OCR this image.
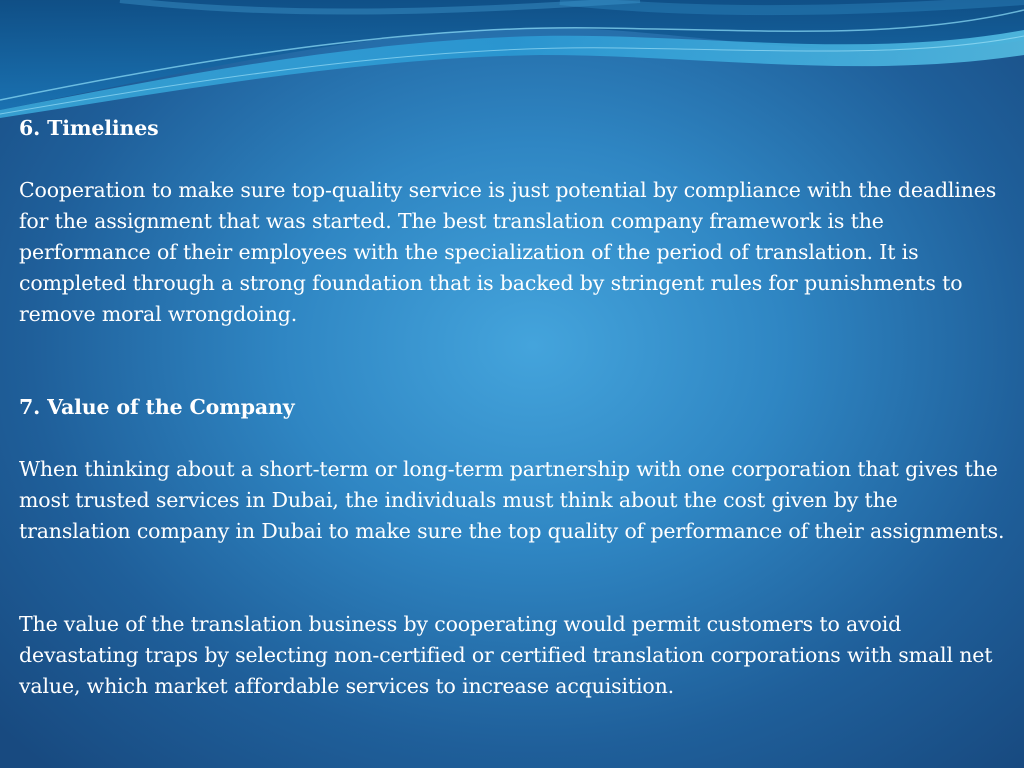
6. Timelines

Cooperation to make sure top-quality service is just potential by compliance with the deadlines for the assignment that was started. The best translation company framework is the performance of their employees with the specialization of the period of translation. It is completed through a strong foundation that is backed by stringent rules for punishments to remove moral wrongdoing.

7. Value of the Company

When thinking about a short-term or long-term partnership with one corporation that gives the most trusted services in Dubai, the individuals must think about the cost given by the translation company in Dubai to make sure the top quality of performance of their assignments.

The value of the translation business by cooperating would permit customers to avoid devastating traps by selecting non-certified or certified translation corporations with small net value, which market affordable services to increase acquisition.
